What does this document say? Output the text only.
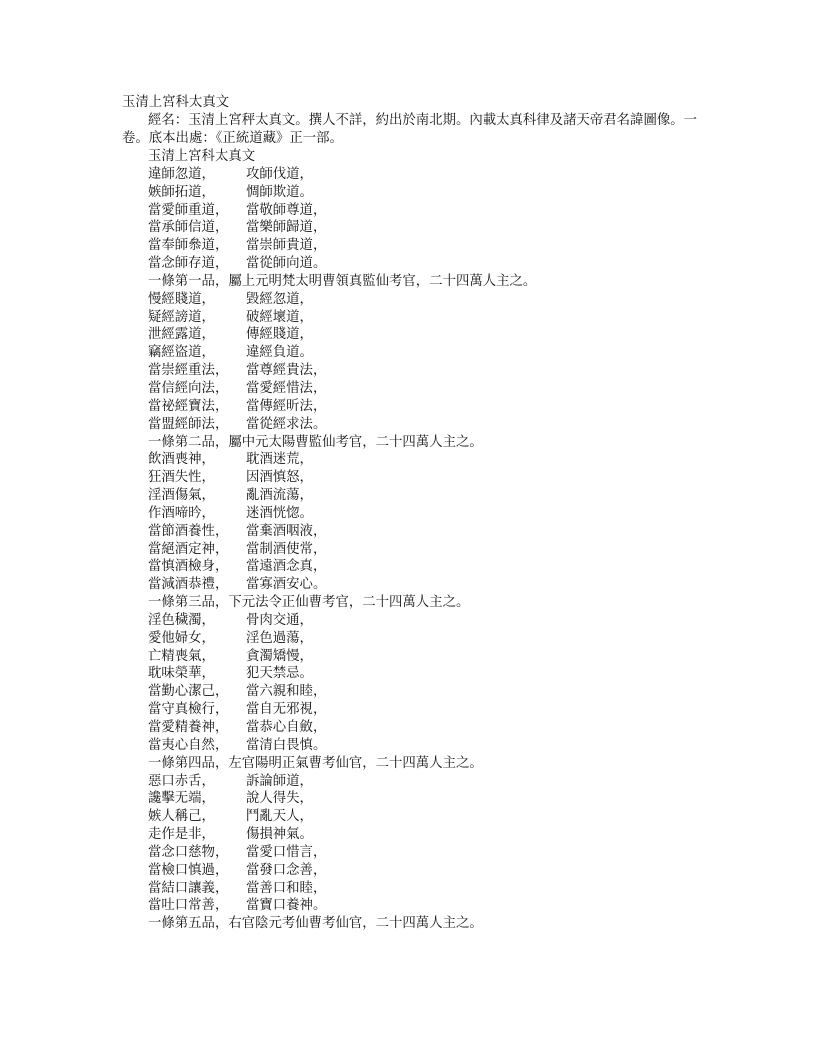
玉清上宮科太真文
經名：玉清上宮秤太真文。撰人不詳，約出於南北期。內載太真科律及諸天帝君名諱圖像。一卷。底本出處：《正統道藏》正一部。
玉清上宮科太真文
違師忽道， 攻師伐道，
嫉師拓道， 惆師欺道。
當愛師重道， 當敬師尊道，
當承師信道， 當樂師歸道，
當奉師叅道， 當崇師貴道，
當念師存道， 當從師向道。
一條第一品，屬上元明梵太明曹領真監仙考官，二十四萬人主之。
慢經賤道， 毀經忽道，
疑經謗道， 破經壞道，
泄經露道， 傳經賤道，
竊經盜道， 違經負道。
當崇經重法， 當尊經貴法，
當信經向法， 當愛經惜法，
當祕經寶法， 當傳經昕法，
當盟經師法， 當從經求法。
一條第二品，屬中元太陽曹監仙考官，二十四萬人主之。
飲酒喪神， 耽酒迷荒，
狂酒失性， 因酒慎怒，
淫酒傷氣， 亂酒流蕩，
作酒啼昑， 迷酒恍惚。
當節酒養性， 當棄酒咽液，
當絕酒定神， 當制酒使常，
當慎酒檢身， 當遠酒念真，
當減酒恭禮， 當寡酒安心。
一條第三品，下元法令正仙曹考官，二十四萬人主之。
淫色穢濁， 骨肉交通，
愛他婦女， 淫色過蕩，
亡精喪氣， 貪濁矯慢，
耽味榮華， 犯天禁忌。
當勤心潔己， 當六親和睦，
當守真檢行， 當自无邪視，
當愛精養神， 當恭心自斂，
當夷心自然， 當清白畏慎。
一條第四品，左官陽明正氣曹考仙官，二十四萬人主之。
惡口赤舌， 訴論師道，
讒擊无端， 說人得失，
嫉人稱己， 鬥亂天人，
走作是非， 傷損神氣。
當念口慈物， 當愛口惜言，
當檢口慎過， 當發口念善，
當結口讓義， 當善口和睦，
當吐口常善， 當寶口養神。
一條第五品，右官陰元考仙曹考仙官，二十四萬人主之。
